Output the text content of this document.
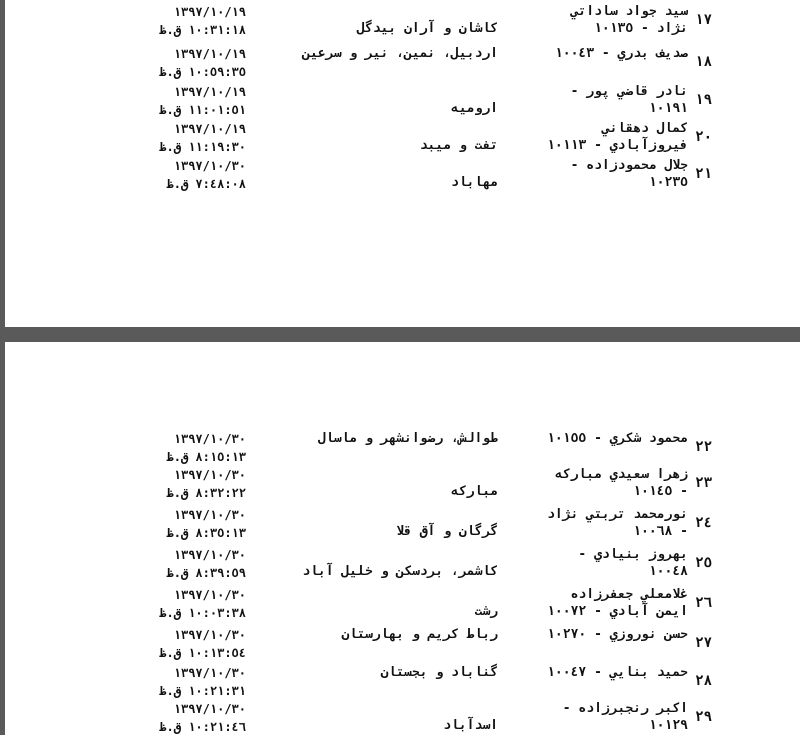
١٧
سيد جواد ساداتي
نژاد - ١٠١٣٥

كاشان و آران بيدگل
١٣٩٧/١٠/١٩
١٠:٣١:١٨ ق.ظ
١٨
صديف بدري - ١٠٠٤٣
اردبيل، نمين، نير و سرعين
١٣٩٧/١٠/١٩
١٠:٥٩:٣٥ ق.ظ
١٩
نادر قاضي پور -
١٠١٩١

اروميه
١٣٩٧/١٠/١٩
١١:٠١:٥١ ق.ظ
٢٠
كمال دهقاني
فيروزآبادي - ١٠١١٣

تفت و ميبد
١٣٩٧/١٠/١٩
١١:١٩:٣٠ ق.ظ
٢١
جلال محمودزاده -
١٠٢٣٥

مهاباد
١٣٩٧/١٠/٣٠
٧:٤٨:٠٨ ق.ظ
٢٢
محمود شكري - ١٠١٥٥
طوالش، رضوانشهر و ماسال
١٣٩٧/١٠/٣٠
٨:١٥:١٣ ق.ظ
٢٣
زهرا سعيدي مباركه
- ١٠١٤٥

مباركه
١٣٩٧/١٠/٣٠
٨:٣٢:٢٢ ق.ظ
٢٤
نورمحمد تربتي نژاد
- ١٠٠٦٨

گرگان و آق قلا
١٣٩٧/١٠/٣٠
٨:٣٥:١٣ ق.ظ
٢٥
بهروز بنيادي -
١٠٠٤٨

كاشمر، بردسكن و خليل آباد
١٣٩٧/١٠/٣٠
٨:٣٩:٥٩ ق.ظ
٢٦
غلامعلي جعفرزاده
ايمن آبادي - ١٠٠٧٢

رشت
١٣٩٧/١٠/٣٠
١٠:٠٣:٣٨ ق.ظ
٢٧
حسن نوروزي - ١٠٢٧٠
رباط كريم و بهارستان
١٣٩٧/١٠/٣٠
١٠:١٣:٥٤ ق.ظ
٢٨
حميد بنايي - ١٠٠٤٧
گناباد و بجستان
١٣٩٧/١٠/٣٠
١٠:٢١:٣١ ق.ظ
٢٩
اكبر رنجبرزاده -
١٠١٢٩

اسدآباد
١٣٩٧/١٠/٣٠
١٠:٢١:٤٦ ق.ظ
